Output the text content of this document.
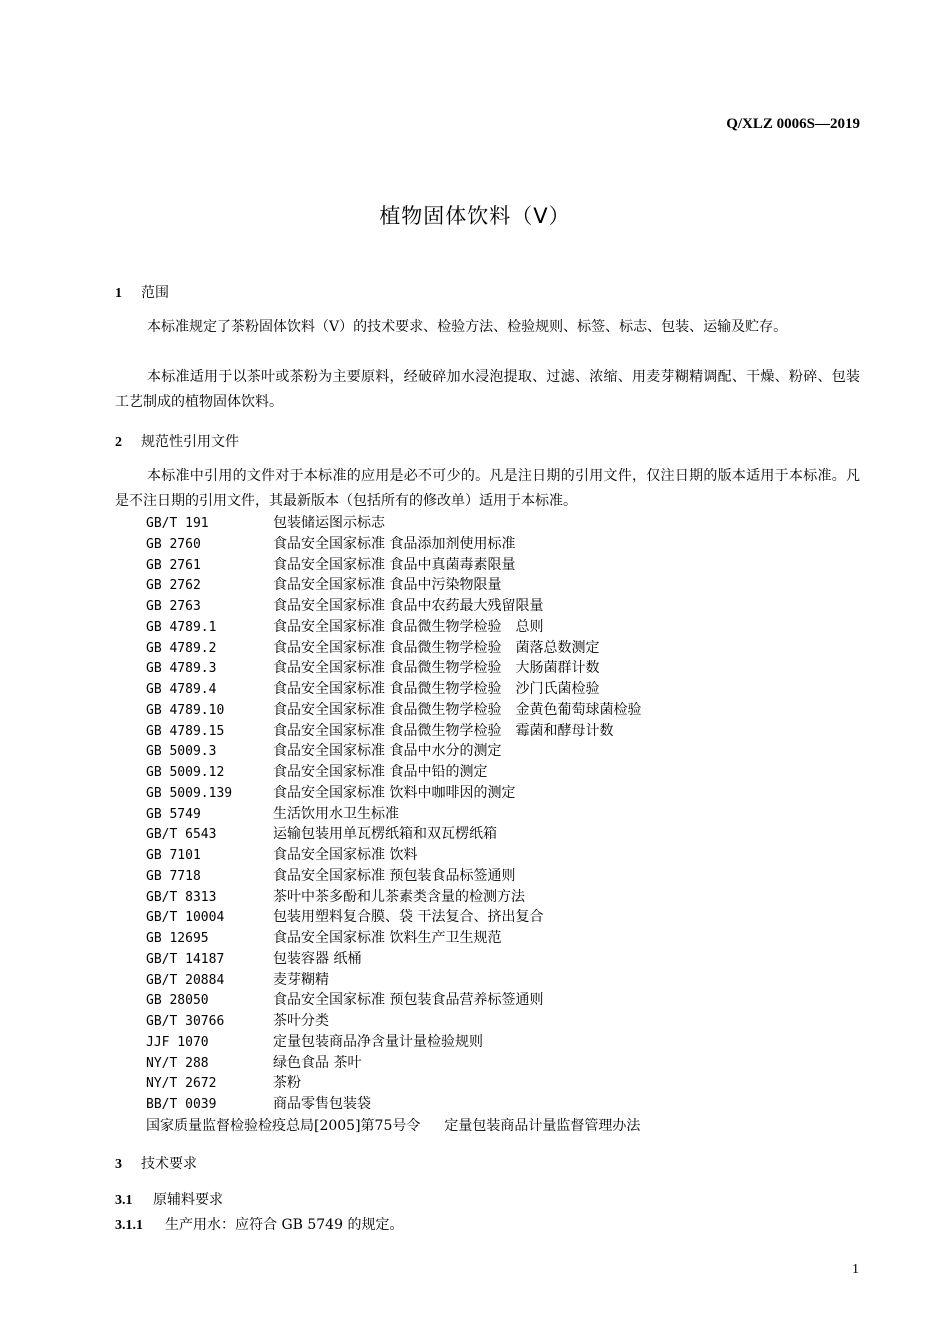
Q/XLZ 0006S—2019
植物固体饮料（Ⅴ）
1 范围
本标准规定了茶粉固体饮料（Ⅴ）的技术要求、检验方法、检验规则、标签、标志、包装、运输及贮存。
本标准适用于以茶叶或茶粉为主要原料，经破碎加水浸泡提取、过滤、浓缩、用麦芽糊精调配、干燥、粉碎、包装工艺制成的植物固体饮料。
2 规范性引用文件
本标准中引用的文件对于本标准的应用是必不可少的。凡是注日期的引用文件，仅注日期的版本适用于本标准。凡是不注日期的引用文件，其最新版本（包括所有的修改单）适用于本标准。
GB/T 191	包装储运图示标志
GB 2760	食品安全国家标准 食品添加剂使用标准
GB 2761	食品安全国家标准 食品中真菌毒素限量
GB 2762	食品安全国家标准 食品中污染物限量
GB 2763	食品安全国家标准 食品中农药最大残留限量
GB 4789.1	食品安全国家标准 食品微生物学检验　总则
GB 4789.2	食品安全国家标准 食品微生物学检验　菌落总数测定
GB 4789.3	食品安全国家标准 食品微生物学检验　大肠菌群计数
GB 4789.4	食品安全国家标准 食品微生物学检验　沙门氏菌检验
GB 4789.10	食品安全国家标准 食品微生物学检验　金黄色葡萄球菌检验
GB 4789.15	食品安全国家标准 食品微生物学检验　霉菌和酵母计数
GB 5009.3	食品安全国家标准 食品中水分的测定
GB 5009.12	食品安全国家标准 食品中铅的测定
GB 5009.139	食品安全国家标准 饮料中咖啡因的测定
GB 5749	生活饮用水卫生标准
GB/T 6543	运输包装用单瓦楞纸箱和双瓦楞纸箱
GB 7101	食品安全国家标准 饮料
GB 7718	食品安全国家标准 预包装食品标签通则
GB/T 8313	茶叶中茶多酚和儿茶素类含量的检测方法
GB/T 10004	包装用塑料复合膜、袋 干法复合、挤出复合
GB 12695	食品安全国家标准 饮料生产卫生规范
GB/T 14187	包装容器 纸桶
GB/T 20884	麦芽糊精
GB 28050	食品安全国家标准 预包装食品营养标签通则
GB/T 30766	茶叶分类
JJF 1070	定量包装商品净含量计量检验规则
NY/T 288	绿色食品 茶叶
NY/T 2672	茶粉
BB/T 0039	商品零售包装袋
国家质量监督检验检疫总局[2005]第75号令 定量包装商品计量监督管理办法
3 技术要求
3.1 原辅料要求
3.1.1 生产用水：应符合 GB 5749 的规定。
1
